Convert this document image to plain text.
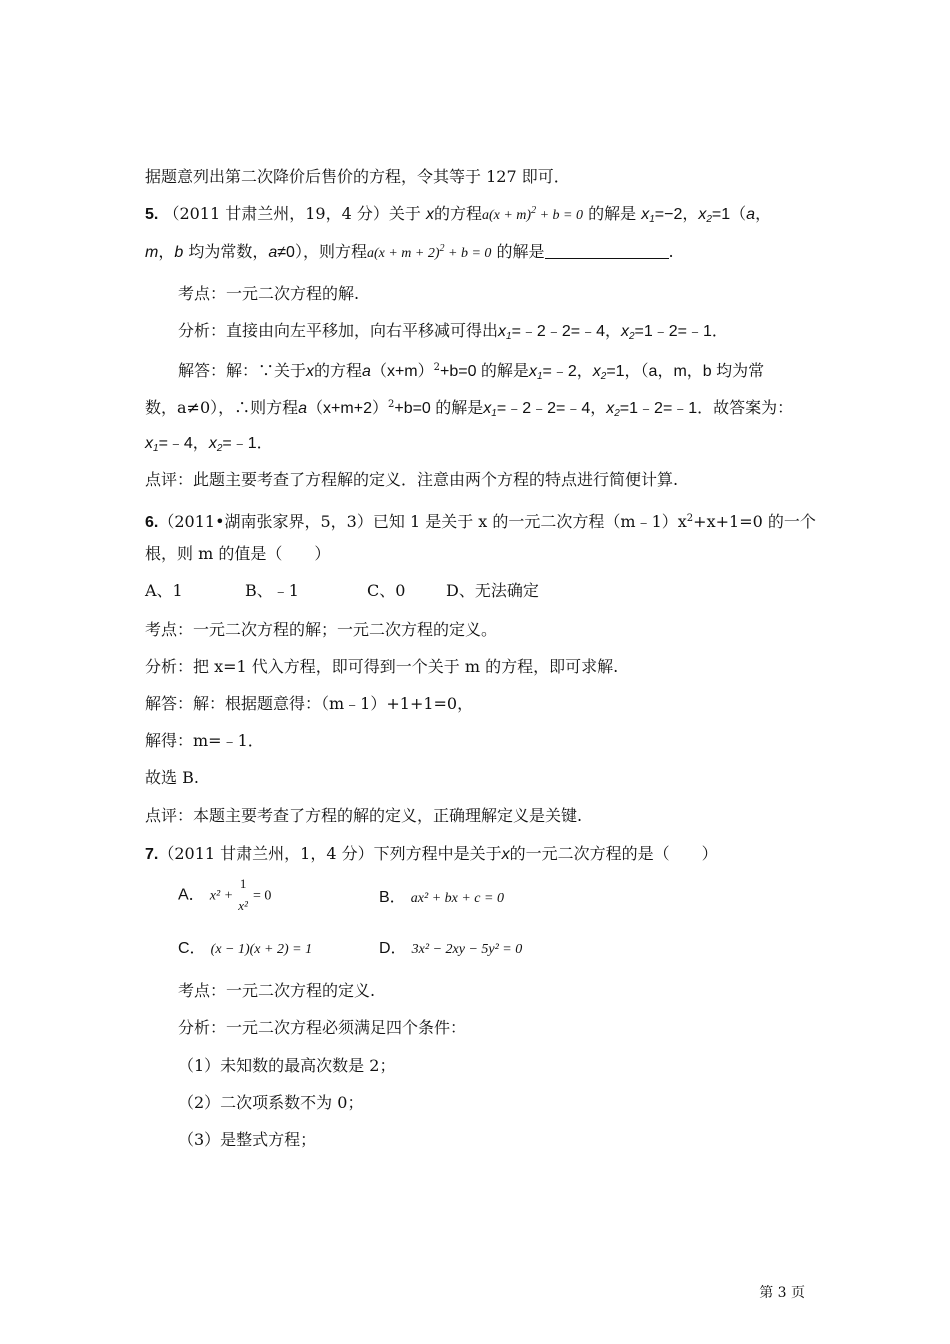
据题意列出第二次降价后售价的方程，令其等于 127 即可．
5. （2011 甘肃兰州，19，4 分）关于 x的方程$a(x + m)^2 + b = 0$ 的解是 $x_1=-2$，$x_2=1(a$，
m，b 均为常数，a≠0），则方程$a(x + m + 2)^2 + b = 0$ 的解是	.
考点：一元二次方程的解.
分析：直接由向左平移加，向右平移减可得出$x_1=﹣2﹣2=﹣4$，$x_2=1﹣2=﹣1$．
解答：解：∵关于x的方程$a(x+m)^2+b=0$ 的解是$x_1=﹣2$，$x_2=1$，（a，m，b 均为常
数，a≠0），∴则方程$a(x+m+2)^2+b=0$ 的解是$x_1=﹣2﹣2=﹣4$，$x_2=1﹣2=﹣1$．故答案为：
$x_1=﹣4$，$x_2=﹣1$．
点评：此题主要考查了方程解的定义．注意由两个方程的特点进行简便计算.
6.（2011•湖南张家界，5，3）已知 1 是关于 x 的一元二次方程$(m﹣1)x^2+x+1=0$ 的一个
根，则 m 的值是（　　）
A、1	B、﹣1	C、0	D、无法确定
考点：一元二次方程的解；一元二次方程的定义。
分析：把 x=1 代入方程，即可得到一个关于 m 的方程，即可求解.
解答：解：根据题意得：（m﹣1）+1+1=0，
解得：m=﹣1．
故选 B.
点评：本题主要考查了方程的解的定义，正确理解定义是关键.
7.（2011 甘肃兰州，1，4 分）下列方程中是关于x的一元二次方程的是（　　）
A． x² +
1
x²
= 0	B． ax² + bx + c = 0
C． (x − 1)(x + 2) = 1	D． 3x² − 2xy − 5y² = 0
考点：一元二次方程的定义.
分析：一元二次方程必须满足四个条件：
（1）未知数的最高次数是 2；
（2）二次项系数不为 0；
（3）是整式方程；
第 3 页
